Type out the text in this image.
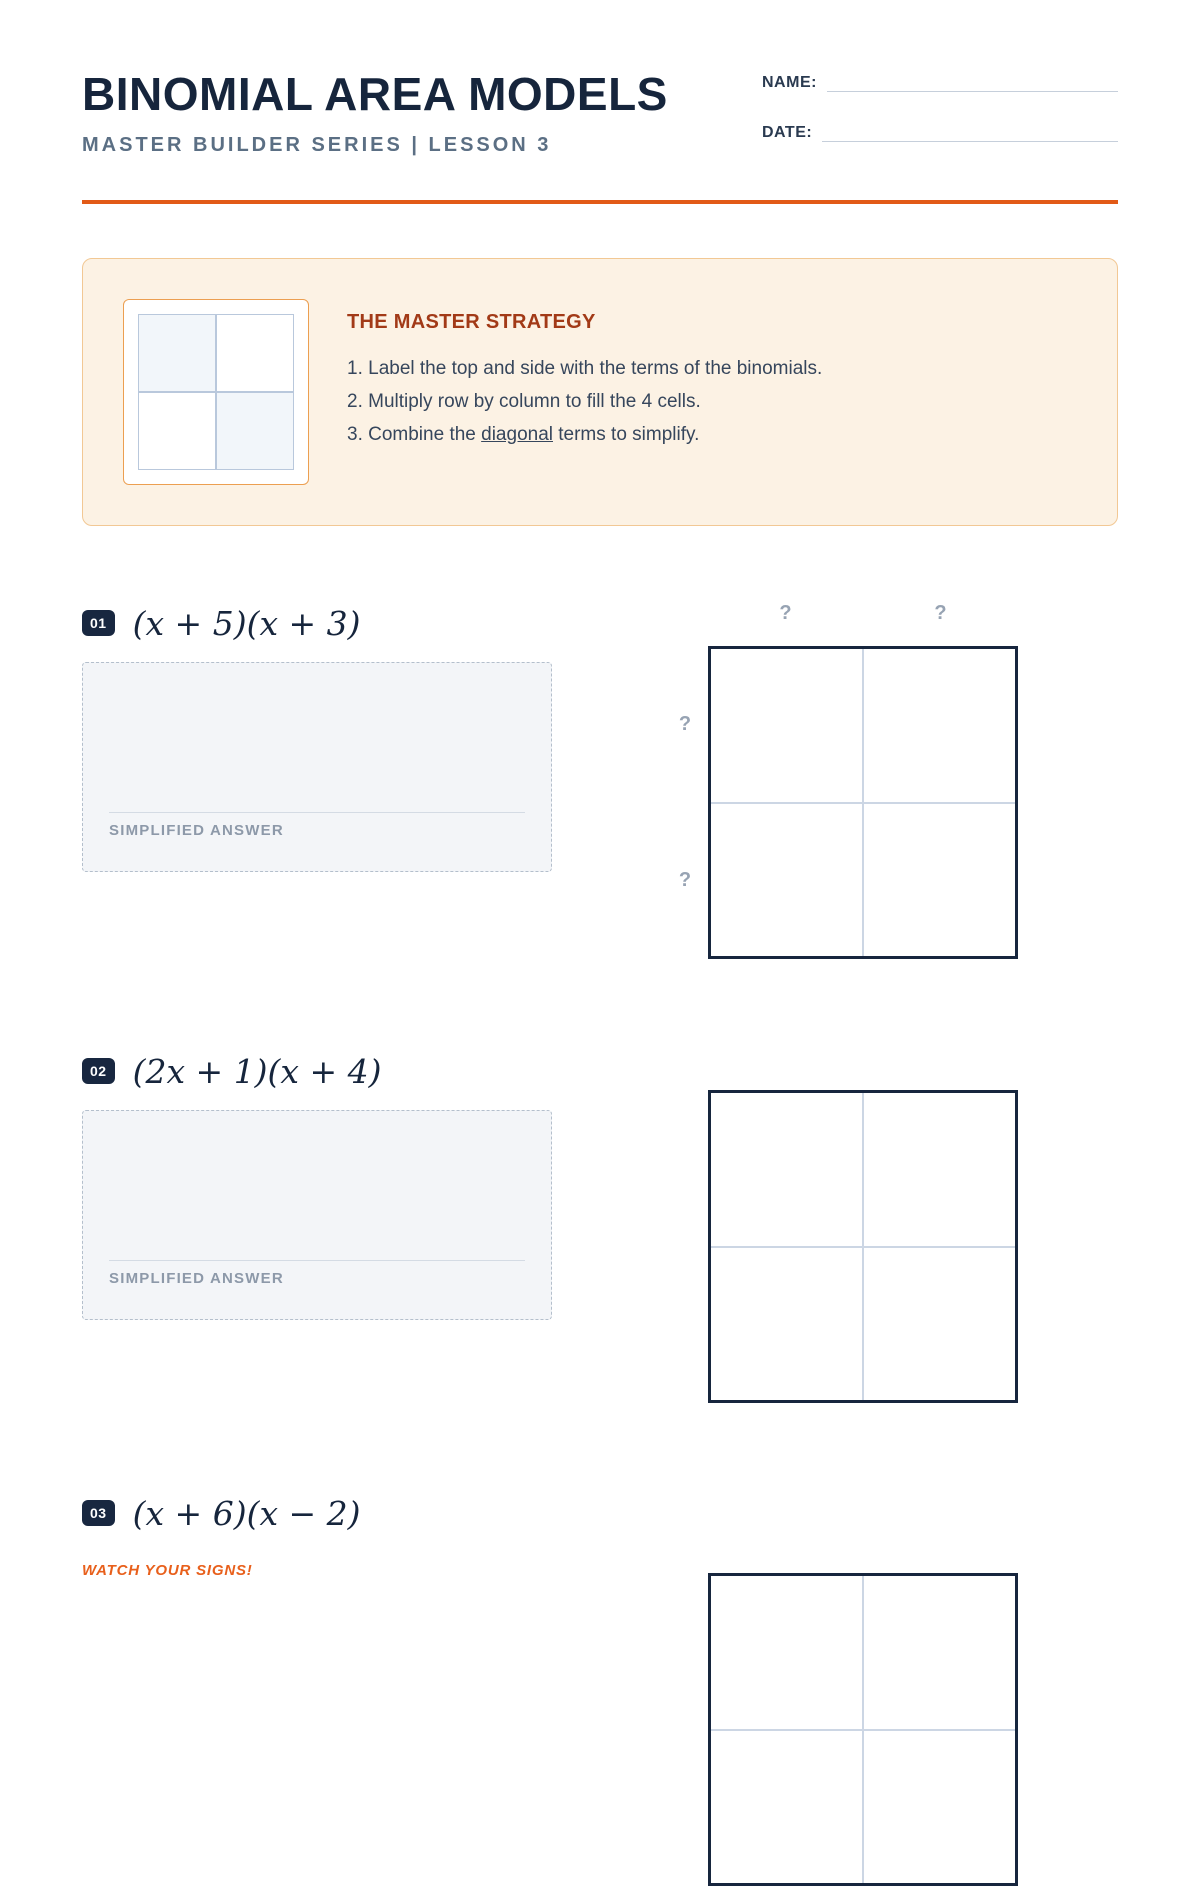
BINOMIAL AREA MODELS
MASTER BUILDER SERIES | LESSON 3
NAME:
DATE:
THE MASTER STRATEGY
1. Label the top and side with the terms of the binomials.
2. Multiply row by column to fill the 4 cells.
3. Combine the diagonal terms to simplify.
01 (x + 5)(x + 3)
SIMPLIFIED ANSWER
?	?
?
?
02 (2x + 1)(x + 4)
SIMPLIFIED ANSWER
03 (x + 6)(x − 2)
WATCH YOUR SIGNS!
